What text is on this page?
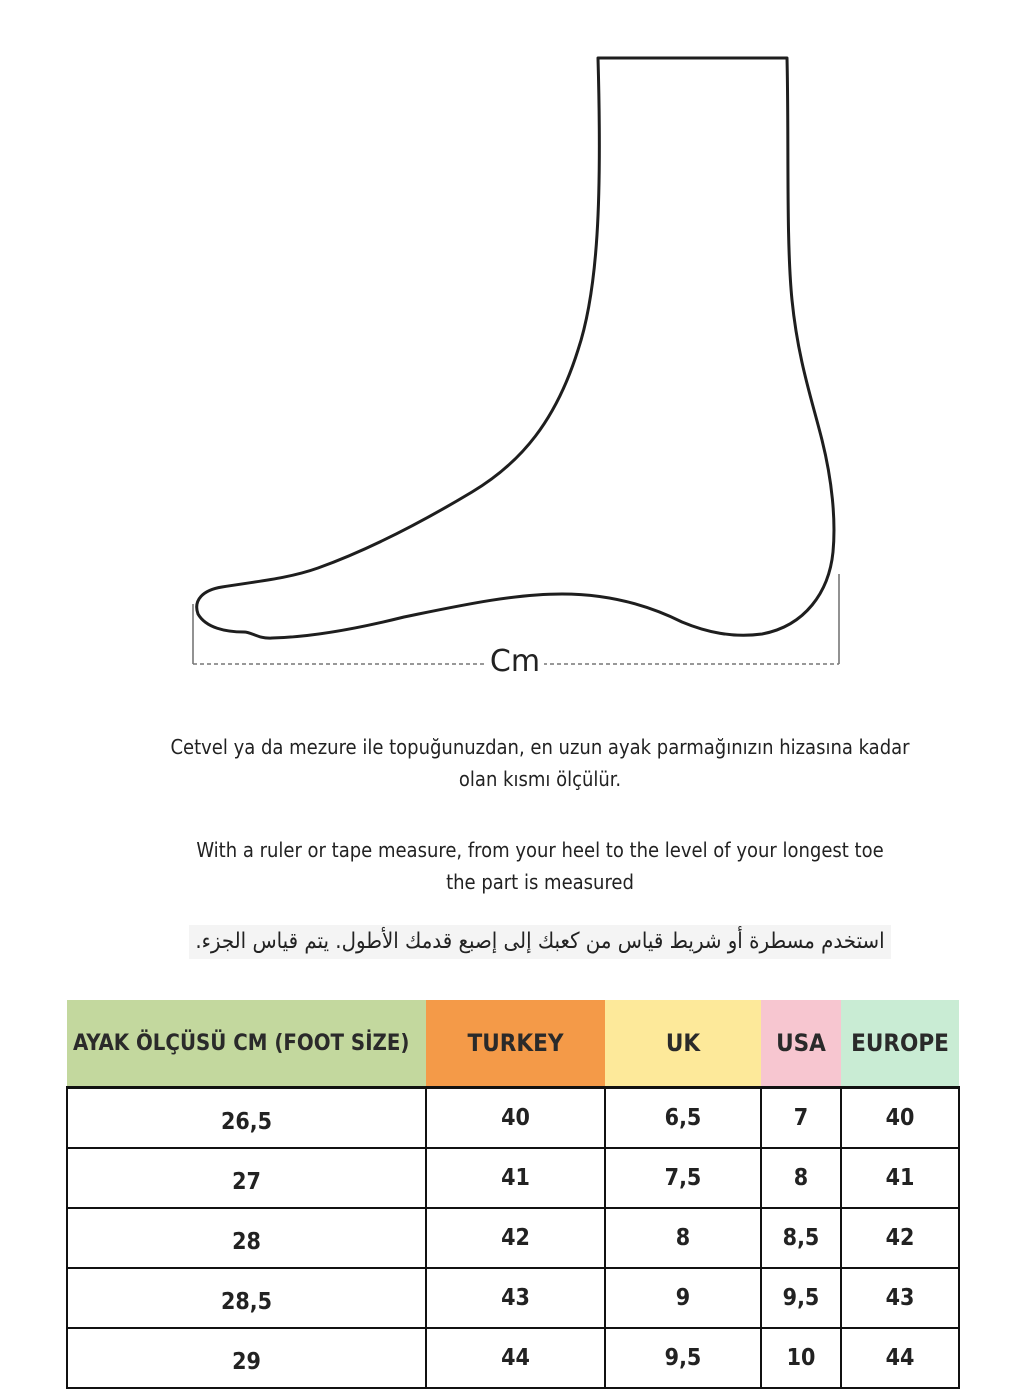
Cm
Cetvel ya da mezure ile topuğunuzdan, en uzun ayak parmağınızın hizasına kadar
olan kısmı ölçülür.
With a ruler or tape measure, from your heel to the level of your longest toe
the part is measured
استخدم مسطرة أو شريط قياس من كعبك إلى إصبع قدمك الأطول. يتم قياس الجزء.
AYAK ÖLÇÜSÜ CM (FOOT SİZE)	TURKEY	UK	USA	EUROPE
26,5	40	6,5	7	40
27	41	7,5	8	41
28	42	8	8,5	42
28,5	43	9	9,5	43
29	44	9,5	10	44
